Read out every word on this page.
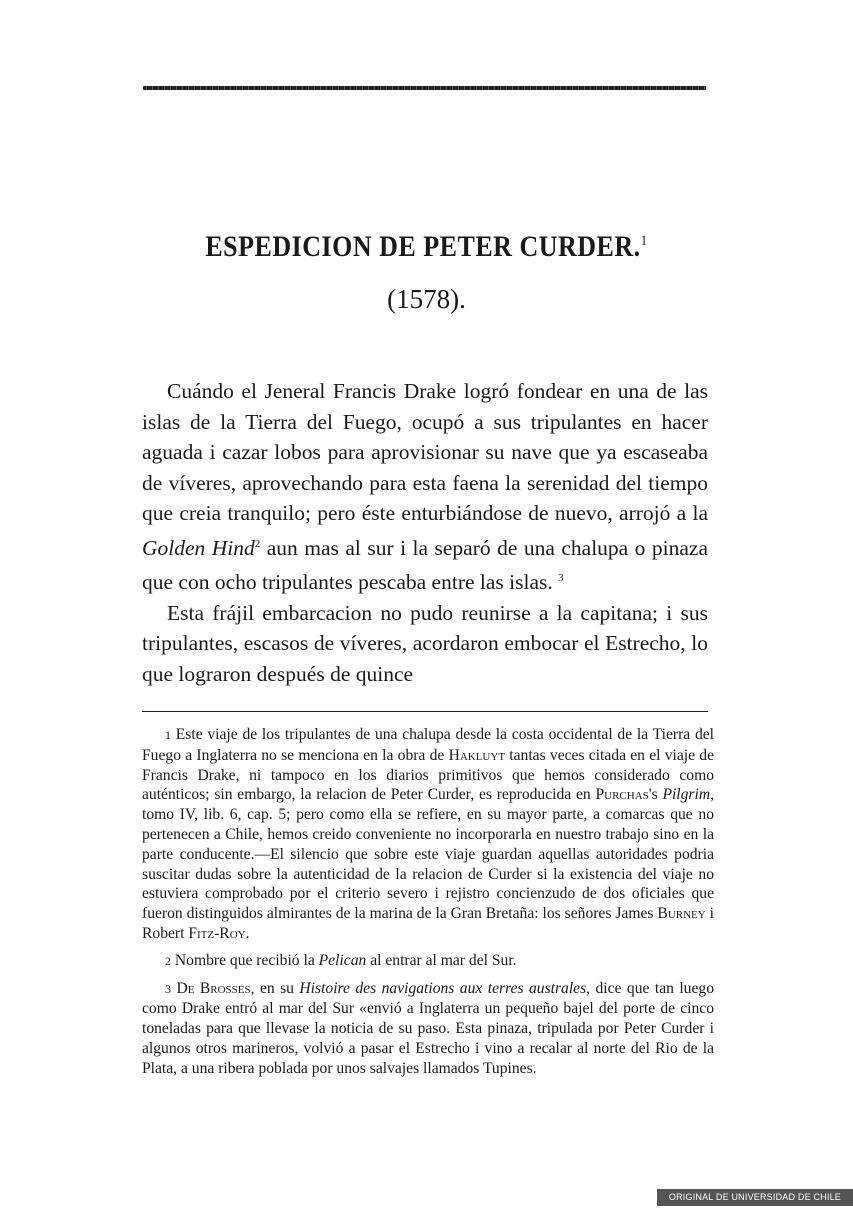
ESPEDICION DE PETER CURDER.$^1$
(1578).

Cuándo el Jeneral Francis Drake logró fondear en una de las islas de la Tierra del Fuego, ocupó a sus tripulantes en hacer aguada i cazar lobos para aprovisionar su nave que ya escaseaba de víveres, aprovechando para esta faena la serenidad del tiempo que creia tranquilo; pero éste enturbiándose de nuevo, arrojó a la Golden Hind$^2$ aun mas al sur i la separó de una chalupa o pinaza que con ocho tripulantes pescaba entre las islas. $^3$

Esta frájil embarcacion no pudo reunirse a la capitana; i sus tripulantes, escasos de víveres, acordaron embocar el Estrecho, lo que lograron después de quince

1 Este viaje de los tripulantes de una chalupa desde la costa occidental de la Tierra del Fuego a Inglaterra no se menciona en la obra de Hakluyt tantas veces citada en el viaje de Francis Drake, ni tampoco en los diarios primitivos que hemos considerado como auténticos; sin embargo, la relacion de Peter Curder, es reproducida en Purchas's Pilgrim, tomo IV, lib. 6, cap. 5; pero como ella se refiere, en su mayor parte, a comarcas que no pertenecen a Chile, hemos creido conveniente no incorporarla en nuestro trabajo sino en la parte conducente.—El silencio que sobre este viaje guardan aquellas autoridades podria suscitar dudas sobre la autenticidad de la relacion de Curder si la existencia del viaje no estuviera comprobado por el criterio severo i rejistro concienzudo de dos oficiales que fueron distinguidos almirantes de la marina de la Gran Bretaña: los señores James Burney i Robert Fitz-Roy.

2 Nombre que recibió la Pelican al entrar al mar del Sur.

3 De Brosses, en su Histoire des navigations aux terres australes, dice que tan luego como Drake entró al mar del Sur «envió a Inglaterra un pequeño bajel del porte de cinco toneladas para que llevase la noticia de su paso. Esta pinaza, tripulada por Peter Curder i algunos otros marineros, volvió a pasar el Estrecho i vino a recalar al norte del Rio de la Plata, a una ribera poblada por unos salvajes llamados Tupines.

ORIGINAL DE UNIVERSIDAD DE CHILE
